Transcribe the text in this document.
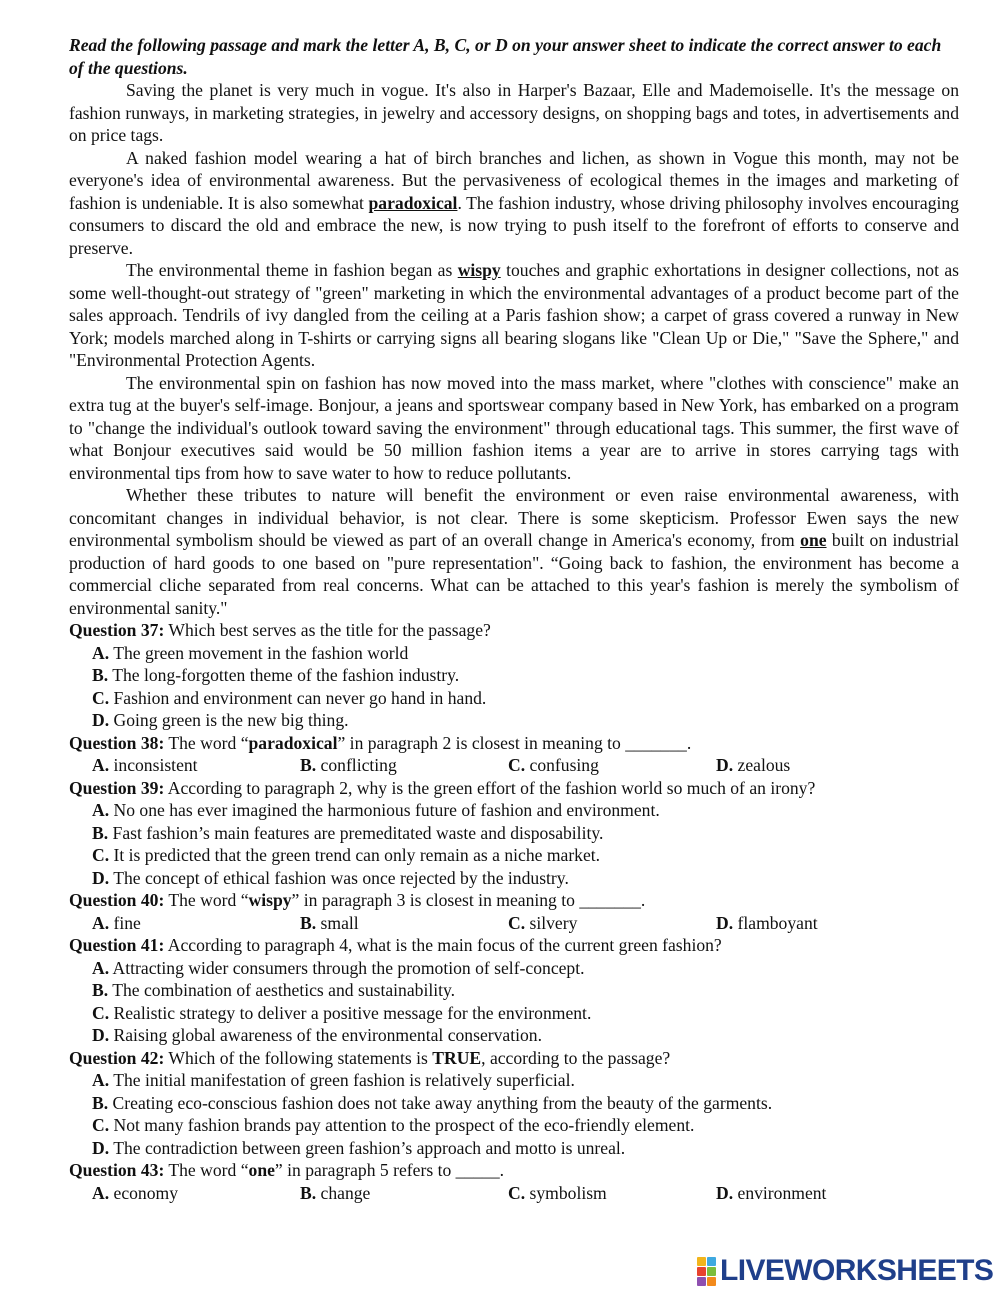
Read the following passage and mark the letter A, B, C, or D on your answer sheet to indicate the correct answer to each of the questions.
Saving the planet is very much in vogue. It's also in Harper's Bazaar, Elle and Mademoiselle. It's the message on fashion runways, in marketing strategies, in jewelry and accessory designs, on shopping bags and totes, in advertisements and on price tags.
A naked fashion model wearing a hat of birch branches and lichen, as shown in Vogue this month, may not be everyone's idea of environmental awareness. But the pervasiveness of ecological themes in the images and marketing of fashion is undeniable. It is also somewhat paradoxical. The fashion industry, whose driving philosophy involves encouraging consumers to discard the old and embrace the new, is now trying to push itself to the forefront of efforts to conserve and preserve.
The environmental theme in fashion began as wispy touches and graphic exhortations in designer collections, not as some well-thought-out strategy of "green" marketing in which the environmental advantages of a product become part of the sales approach. Tendrils of ivy dangled from the ceiling at a Paris fashion show; a carpet of grass covered a runway in New York; models marched along in T-shirts or carrying signs all bearing slogans like "Clean Up or Die," "Save the Sphere," and "Environmental Protection Agents.
The environmental spin on fashion has now moved into the mass market, where "clothes with conscience" make an extra tug at the buyer's self-image. Bonjour, a jeans and sportswear company based in New York, has embarked on a program to "change the individual's outlook toward saving the environment" through educational tags. This summer, the first wave of what Bonjour executives said would be 50 million fashion items a year are to arrive in stores carrying tags with environmental tips from how to save water to how to reduce pollutants.
Whether these tributes to nature will benefit the environment or even raise environmental awareness, with concomitant changes in individual behavior, is not clear. There is some skepticism. Professor Ewen says the new environmental symbolism should be viewed as part of an overall change in America's economy, from one built on industrial production of hard goods to one based on "pure representation". “Going back to fashion, the environment has become a commercial cliche separated from real concerns. What can be attached to this year's fashion is merely the symbolism of environmental sanity."
Question 37: Which best serves as the title for the passage?
A. The green movement in the fashion world
B. The long-forgotten theme of the fashion industry.
C. Fashion and environment can never go hand in hand.
D. Going green is the new big thing.
Question 38: The word “paradoxical” in paragraph 2 is closest in meaning to _______.
A. inconsistent	B. conflicting	C. confusing	D. zealous
Question 39: According to paragraph 2, why is the green effort of the fashion world so much of an irony?
A. No one has ever imagined the harmonious future of fashion and environment.
B. Fast fashion’s main features are premeditated waste and disposability.
C. It is predicted that the green trend can only remain as a niche market.
D. The concept of ethical fashion was once rejected by the industry.
Question 40: The word “wispy” in paragraph 3 is closest in meaning to _______.
A. fine	B. small	C. silvery	D. flamboyant
Question 41: According to paragraph 4, what is the main focus of the current green fashion?
A. Attracting wider consumers through the promotion of self-concept.
B. The combination of aesthetics and sustainability.
C. Realistic strategy to deliver a positive message for the environment.
D. Raising global awareness of the environmental conservation.
Question 42: Which of the following statements is TRUE, according to the passage?
A. The initial manifestation of green fashion is relatively superficial.
B. Creating eco-conscious fashion does not take away anything from the beauty of the garments.
C. Not many fashion brands pay attention to the prospect of the eco-friendly element.
D. The contradiction between green fashion’s approach and motto is unreal.
Question 43: The word “one” in paragraph 5 refers to _____.
A. economy	B. change	C. symbolism	D. environment
LIVEWORKSHEETS
